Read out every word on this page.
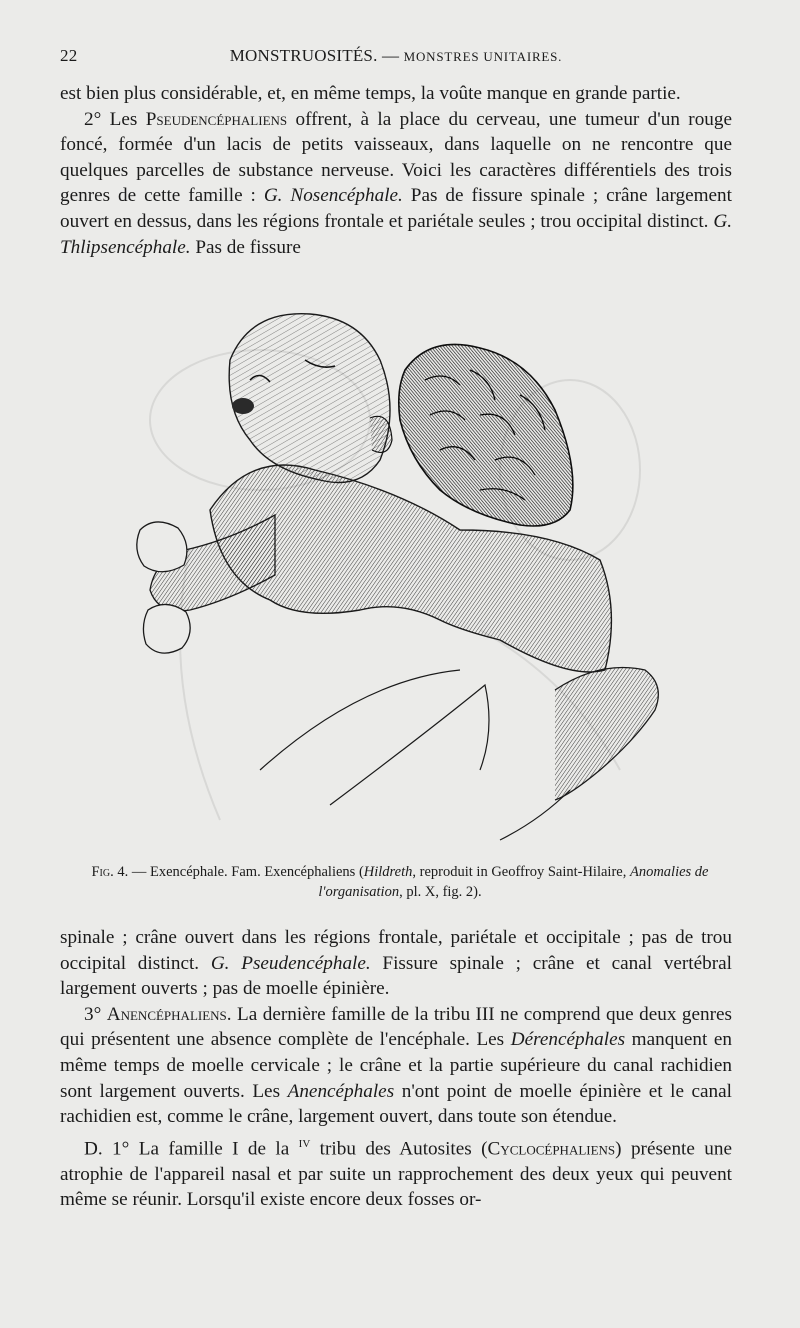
22	MONSTRUOSITÉS. — MONSTRES UNITAIRES.

est bien plus considérable, et, en même temps, la voûte manque en grande partie.

2° Les Pseudencéphaliens offrent, à la place du cerveau, une tumeur d'un rouge foncé, formée d'un lacis de petits vaisseaux, dans laquelle on ne rencontre que quelques parcelles de substance nerveuse. Voici les caractères différentiels des trois genres de cette famille : G. Nosencéphale. Pas de fissure spinale ; crâne largement ouvert en dessus, dans les régions frontale et pariétale seules ; trou occipital distinct. G. Thlipsencéphale. Pas de fissure

Fig. 4. — Exencéphale. Fam. Exencéphaliens (Hildreth, reproduit in Geoffroy Saint-Hilaire, Anomalies de l'organisation, pl. X, fig. 2).

spinale ; crâne ouvert dans les régions frontale, pariétale et occipitale ; pas de trou occipital distinct. G. Pseudencéphale. Fissure spinale ; crâne et canal vertébral largement ouverts ; pas de moelle épinière.

3° Anencéphaliens. La dernière famille de la tribu III ne comprend que deux genres qui présentent une absence complète de l'encéphale. Les Dérencéphales manquent en même temps de moelle cervicale ; le crâne et la partie supérieure du canal rachidien sont largement ouverts. Les Anencéphales n'ont point de moelle épinière et le canal rachidien est, comme le crâne, largement ouvert, dans toute son étendue.

D. 1° La famille I de la $^{iv}$ tribu des Autosites (Cyclocéphaliens) présente une atrophie de l'appareil nasal et par suite un rapprochement des deux yeux qui peuvent même se réunir. Lorsqu'il existe encore deux fosses or-
